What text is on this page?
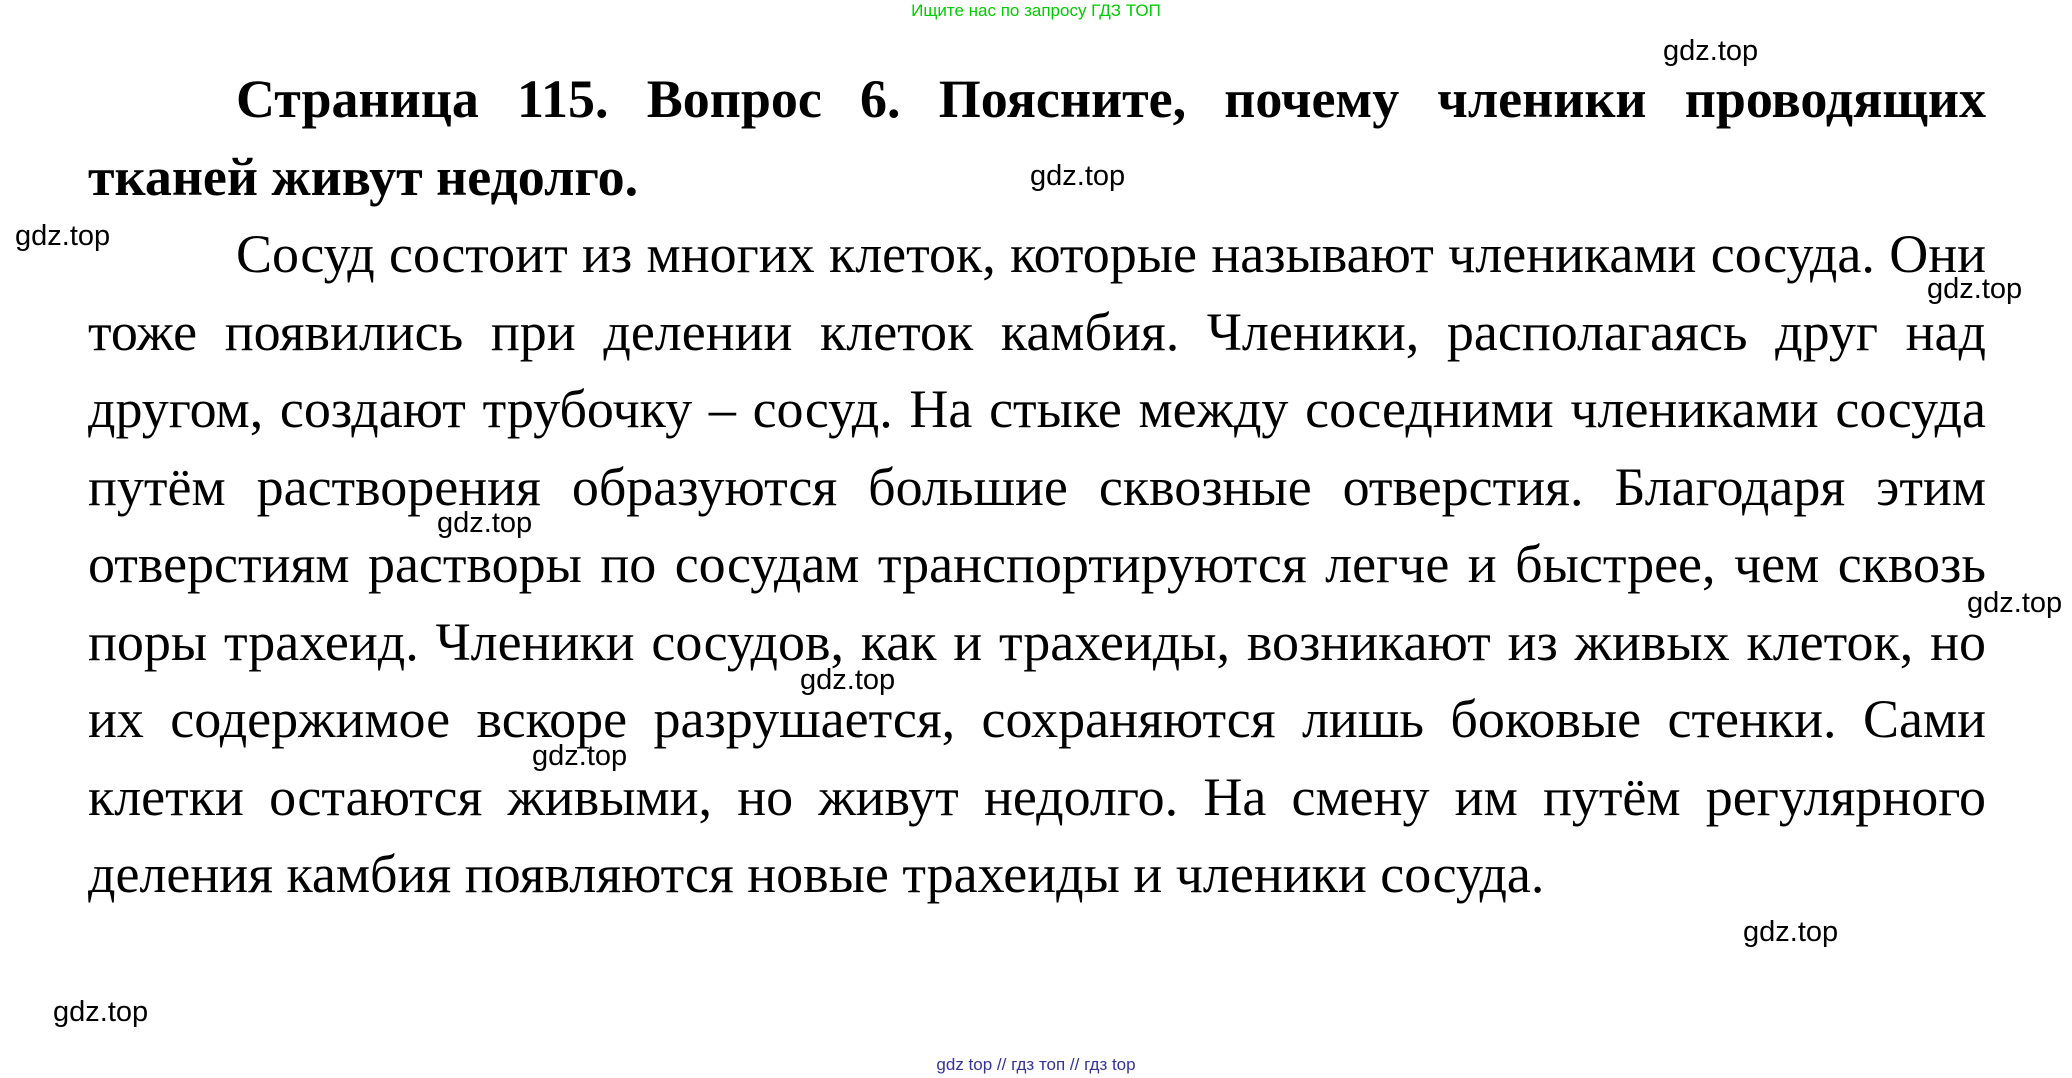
Ищите нас по запросу ГДЗ ТОП

Страница 115. Вопрос 6. Поясните, почему членики проводящих тканей живут недолго.

Сосуд состоит из многих клеток, которые называют члениками сосуда. Они тоже появились при делении клеток камбия. Членики, располагаясь друг над другом, создают трубочку – сосуд. На стыке между соседними члениками сосуда путём растворения образуются большие сквозные отверстия. Благодаря этим отверстиям растворы по сосудам транспортируются легче и быстрее, чем сквозь поры трахеид. Членики сосудов, как и трахеиды, возникают из живых клеток, но их содержимое вскоре разрушается, сохраняются лишь боковые стенки. Сами клетки остаются живыми, но живут недолго. На смену им путём регулярного деления камбия появляются новые трахеиды и членики сосуда.

gdz.top
gdz.top
gdz.top
gdz.top
gdz.top
gdz.top
gdz.top
gdz.top
gdz.top
gdz.top
gdz top // гдз топ // гдз top
